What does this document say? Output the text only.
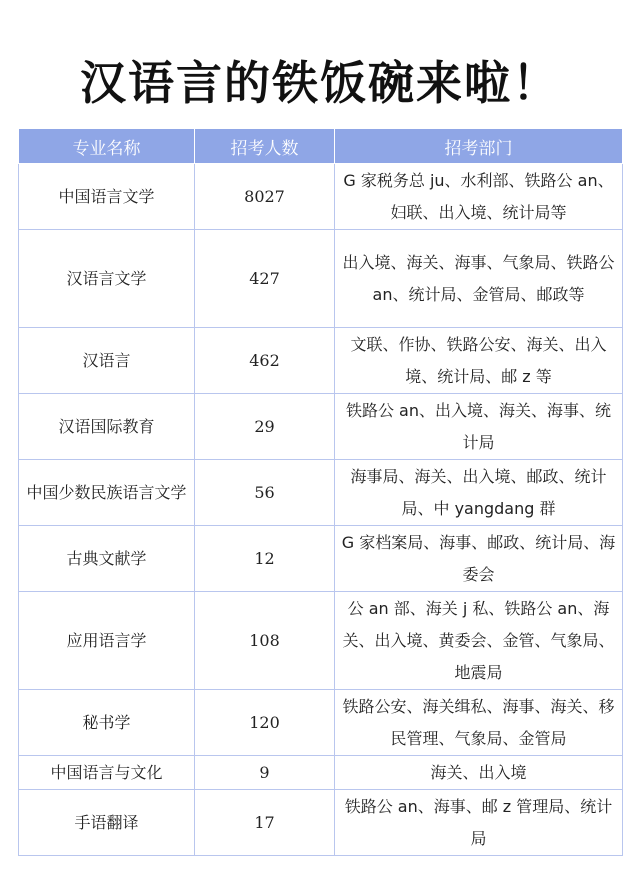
汉语言的铁饭碗来啦！
专业名称	招考人数	招考部门
中国语言文学	8027	G 家税务总 ju、水利部、铁路公 an、妇联、出入境、统计局等
汉语言文学	427	出入境、海关、海事、气象局、铁路公 an、统计局、金管局、邮政等
汉语言	462	文联、作协、铁路公安、海关、出入境、统计局、邮 z 等
汉语国际教育	29	铁路公 an、出入境、海关、海事、统计局
中国少数民族语言文学	56	海事局、海关、出入境、邮政、统计局、中 yangdang 群
古典文献学	12	G 家档案局、海事、邮政、统计局、海委会
应用语言学	108	公 an 部、海关 j 私、铁路公 an、海关、出入境、黄委会、金管、气象局、地震局
秘书学	120	铁路公安、海关缉私、海事、海关、移民管理、气象局、金管局
中国语言与文化	9	海关、出入境
手语翻译	17	铁路公 an、海事、邮 z 管理局、统计局
